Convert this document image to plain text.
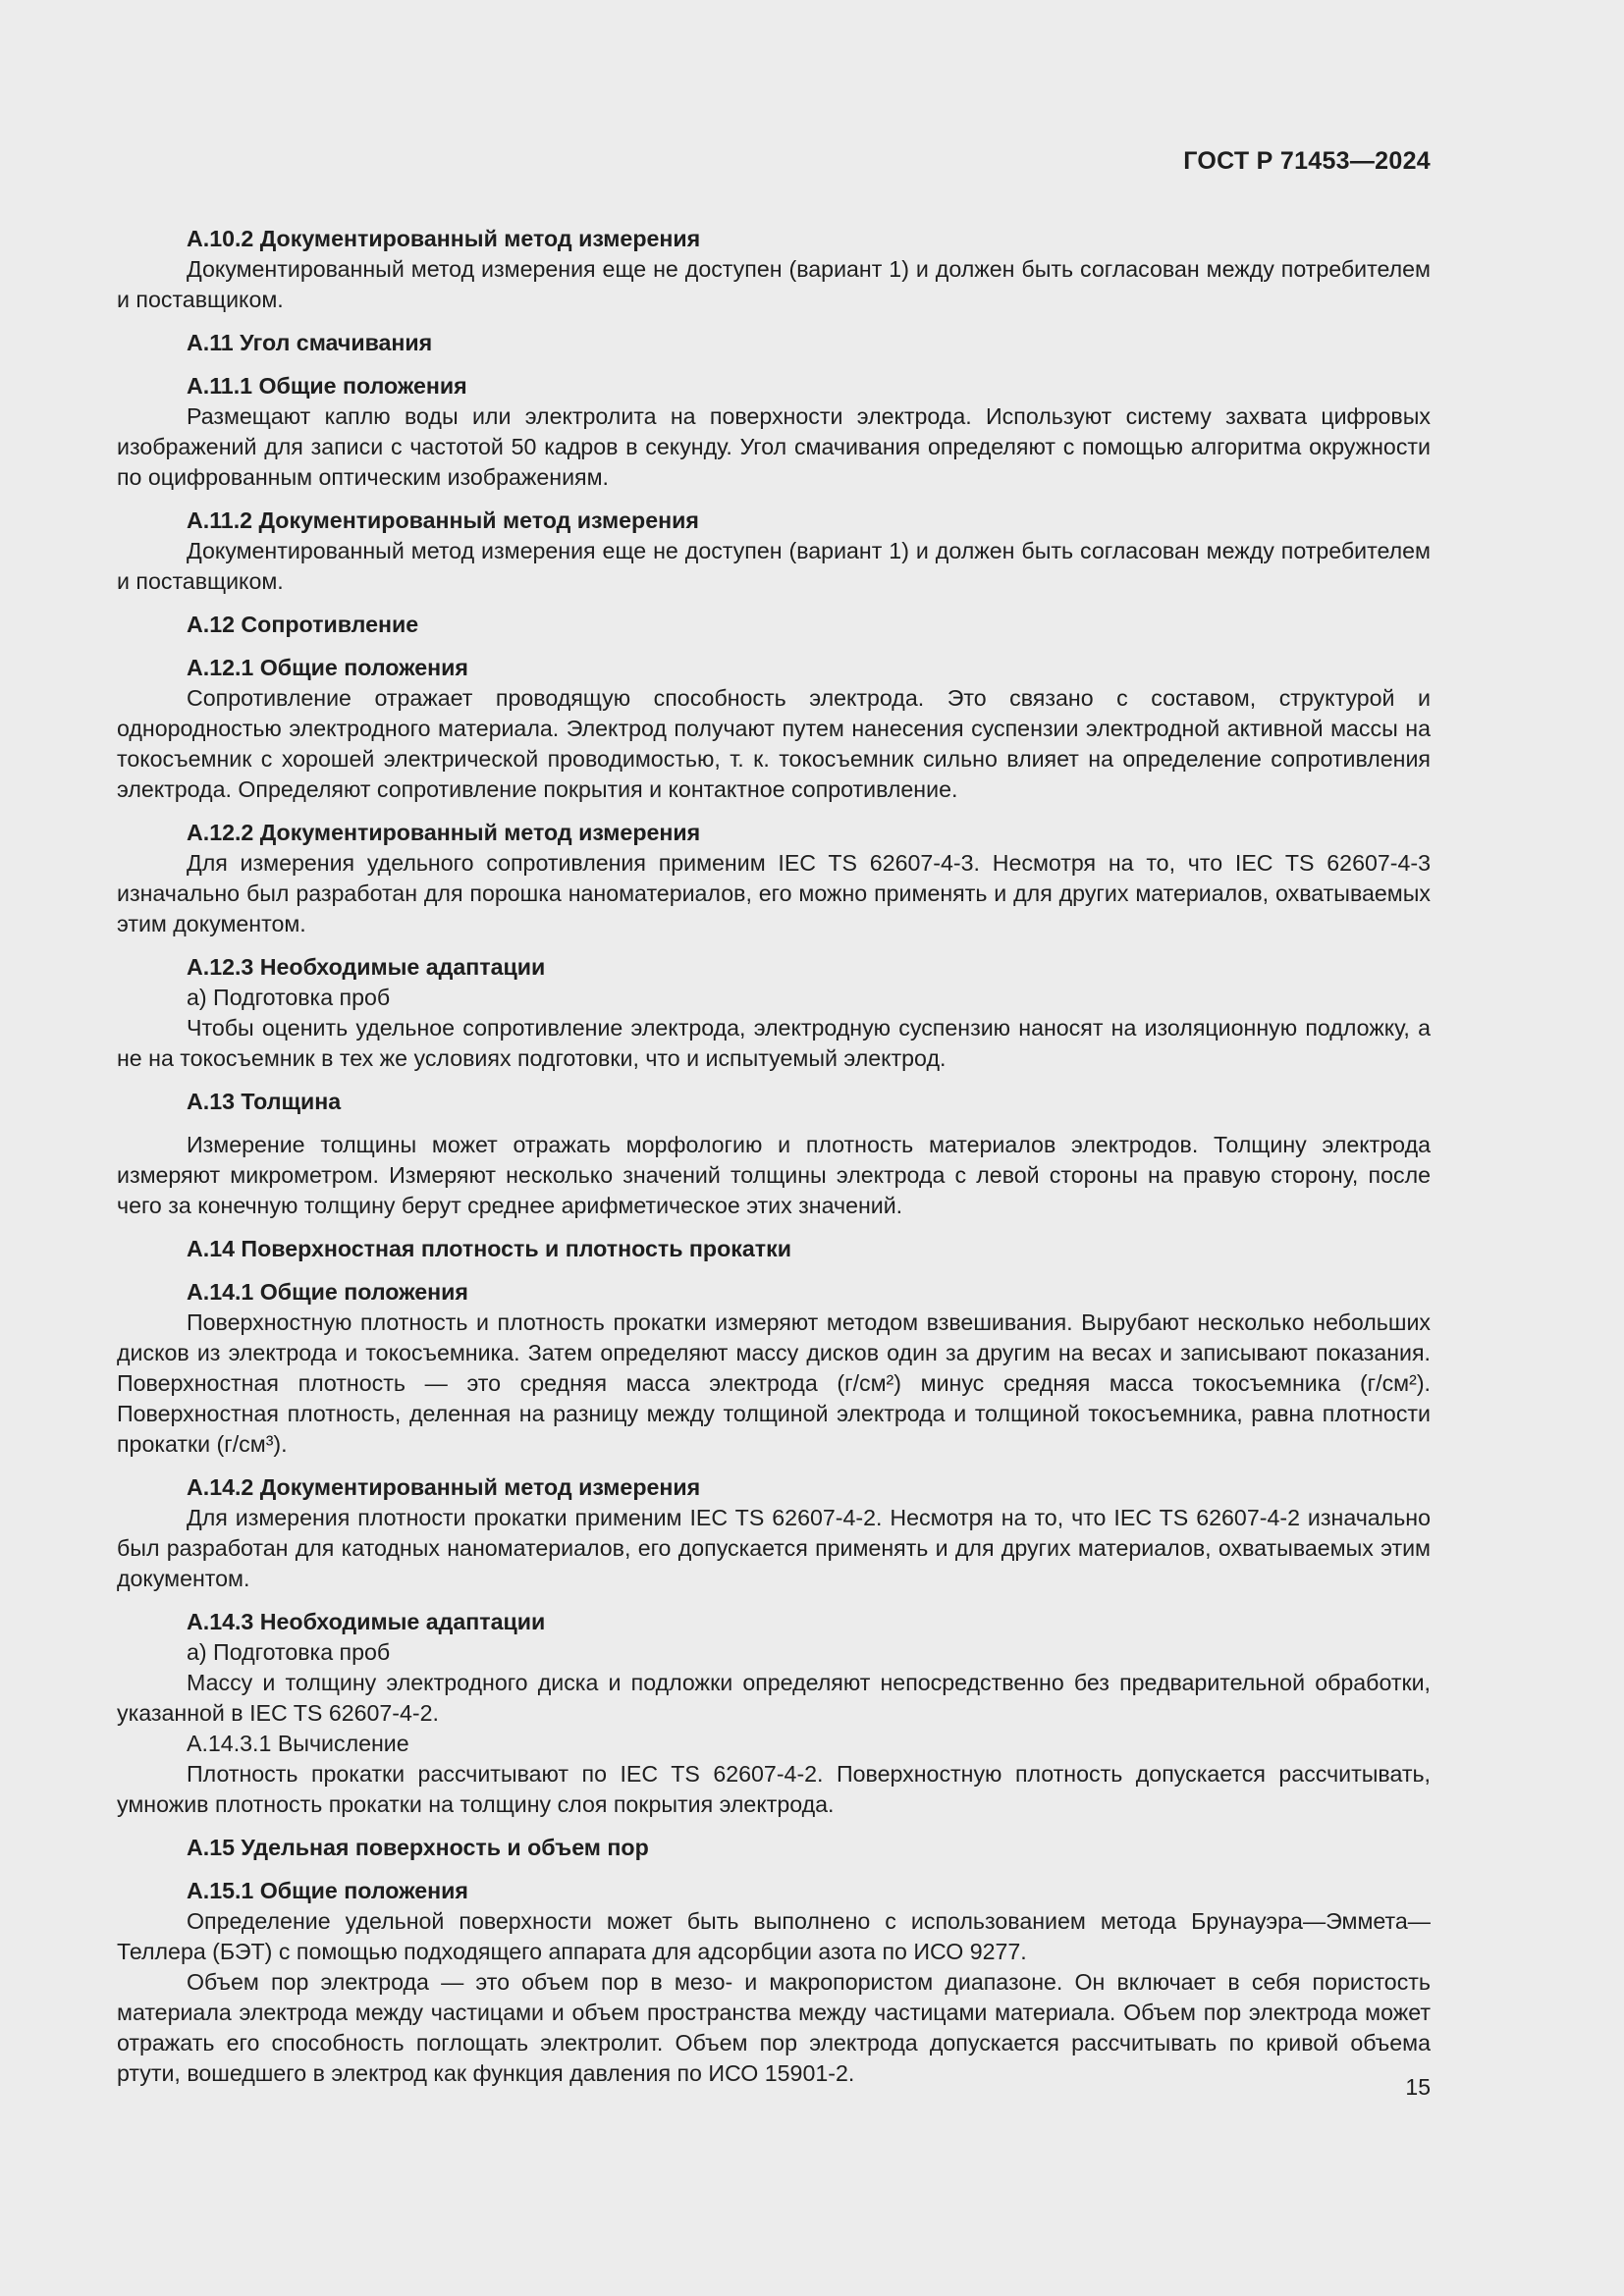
ГОСТ Р 71453—2024
A.10.2 Документированный метод измерения
Документированный метод измерения еще не доступен (вариант 1) и должен быть согласован между потребителем и поставщиком.
A.11 Угол смачивания
A.11.1 Общие положения
Размещают каплю воды или электролита на поверхности электрода. Используют систему захвата цифровых изображений для записи с частотой 50 кадров в секунду. Угол смачивания определяют с помощью алгоритма окружности по оцифрованным оптическим изображениям.
A.11.2 Документированный метод измерения
Документированный метод измерения еще не доступен (вариант 1) и должен быть согласован между потребителем и поставщиком.
A.12 Сопротивление
A.12.1 Общие положения
Сопротивление отражает проводящую способность электрода. Это связано с составом, структурой и однородностью электродного материала. Электрод получают путем нанесения суспензии электродной активной массы на токосъемник с хорошей электрической проводимостью, т. к. токосъемник сильно влияет на определение сопротивления электрода. Определяют сопротивление покрытия и контактное сопротивление.
A.12.2 Документированный метод измерения
Для измерения удельного сопротивления применим IEC TS 62607-4-3. Несмотря на то, что IEC TS 62607-4-3 изначально был разработан для порошка наноматериалов, его можно применять и для других материалов, охватываемых этим документом.
A.12.3 Необходимые адаптации
a) Подготовка проб
Чтобы оценить удельное сопротивление электрода, электродную суспензию наносят на изоляционную подложку, а не на токосъемник в тех же условиях подготовки, что и испытуемый электрод.
A.13 Толщина
Измерение толщины может отражать морфологию и плотность материалов электродов. Толщину электрода измеряют микрометром. Измеряют несколько значений толщины электрода с левой стороны на правую сторону, после чего за конечную толщину берут среднее арифметическое этих значений.
A.14 Поверхностная плотность и плотность прокатки
A.14.1 Общие положения
Поверхностную плотность и плотность прокатки измеряют методом взвешивания. Вырубают несколько небольших дисков из электрода и токосъемника. Затем определяют массу дисков один за другим на весах и записывают показания. Поверхностная плотность — это средняя масса электрода (г/см²) минус средняя масса токосъемника (г/см²). Поверхностная плотность, деленная на разницу между толщиной электрода и толщиной токосъемника, равна плотности прокатки (г/см³).
A.14.2 Документированный метод измерения
Для измерения плотности прокатки применим IEC TS 62607-4-2. Несмотря на то, что IEC TS 62607-4-2 изначально был разработан для катодных наноматериалов, его допускается применять и для других материалов, охватываемых этим документом.
A.14.3 Необходимые адаптации
a) Подготовка проб
Массу и толщину электродного диска и подложки определяют непосредственно без предварительной обработки, указанной в IEC TS 62607-4-2.
A.14.3.1 Вычисление
Плотность прокатки рассчитывают по IEC TS 62607-4-2. Поверхностную плотность допускается рассчитывать, умножив плотность прокатки на толщину слоя покрытия электрода.
A.15 Удельная поверхность и объем пор
A.15.1 Общие положения
Определение удельной поверхности может быть выполнено с использованием метода Брунауэра—Эммета—Теллера (БЭТ) с помощью подходящего аппарата для адсорбции азота по ИСО 9277.
Объем пор электрода — это объем пор в мезо- и макропористом диапазоне. Он включает в себя пористость материала электрода между частицами и объем пространства между частицами материала. Объем пор электрода может отражать его способность поглощать электролит. Объем пор электрода допускается рассчитывать по кривой объема ртути, вошедшего в электрод как функция давления по ИСО 15901-2.
15
